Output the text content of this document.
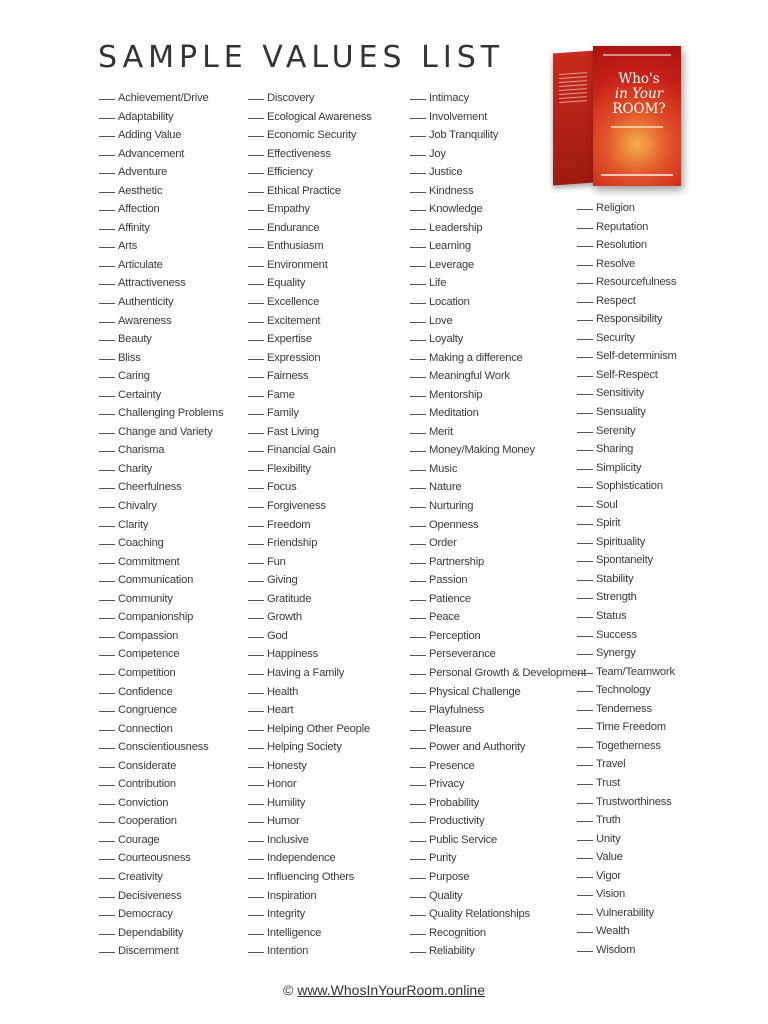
SAMPLE VALUES LIST
Who's
in Your
ROOM?
Achievement/Drive
Adaptability
Adding Value
Advancement
Adventure
Aesthetic
Affection
Affinity
Arts
Articulate
Attractiveness
Authenticity
Awareness
Beauty
Bliss
Caring
Certainty
Challenging Problems
Change and Variety
Charisma
Charity
Cheerfulness
Chivalry
Clarity
Coaching
Commitment
Communication
Community
Companionship
Compassion
Competence
Competition
Confidence
Congruence
Connection
Conscientiousness
Considerate
Contribution
Conviction
Cooperation
Courage
Courteousness
Creativity
Decisiveness
Democracy
Dependability
Discernment
Discovery
Ecological Awareness
Economic Security
Effectiveness
Efficiency
Ethical Practice
Empathy
Endurance
Enthusiasm
Environment
Equality
Excellence
Excitement
Expertise
Expression
Fairness
Fame
Family
Fast Living
Financial Gain
Flexibility
Focus
Forgiveness
Freedom
Friendship
Fun
Giving
Gratitude
Growth
God
Happiness
Having a Family
Health
Heart
Helping Other People
Helping Society
Honesty
Honor
Humility
Humor
Inclusive
Independence
Influencing Others
Inspiration
Integrity
Intelligence
Intention
Intimacy
Involvement
Job Tranquility
Joy
Justice
Kindness
Knowledge
Leadership
Learning
Leverage
Life
Location
Love
Loyalty
Making a difference
Meaningful Work
Mentorship
Meditation
Merit
Money/Making Money
Music
Nature
Nurturing
Openness
Order
Partnership
Passion
Patience
Peace
Perception
Perseverance
Personal Growth & Development
Physical Challenge
Playfulness
Pleasure
Power and Authority
Presence
Privacy
Probability
Productivity
Public Service
Purity
Purpose
Quality
Quality Relationships
Recognition
Reliability
Religion
Reputation
Resolution
Resolve
Resourcefulness
Respect
Responsibility
Security
Self-determinism
Self-Respect
Sensitivity
Sensuality
Serenity
Sharing
Simplicity
Sophistication
Soul
Spirit
Spirituality
Spontaneity
Stability
Strength
Status
Success
Synergy
Team/Teamwork
Technology
Tenderness
Time Freedom
Togetherness
Travel
Trust
Trustworthiness
Truth
Unity
Value
Vigor
Vision
Vulnerability
Wealth
Wisdom
© www.WhosInYourRoom.online
